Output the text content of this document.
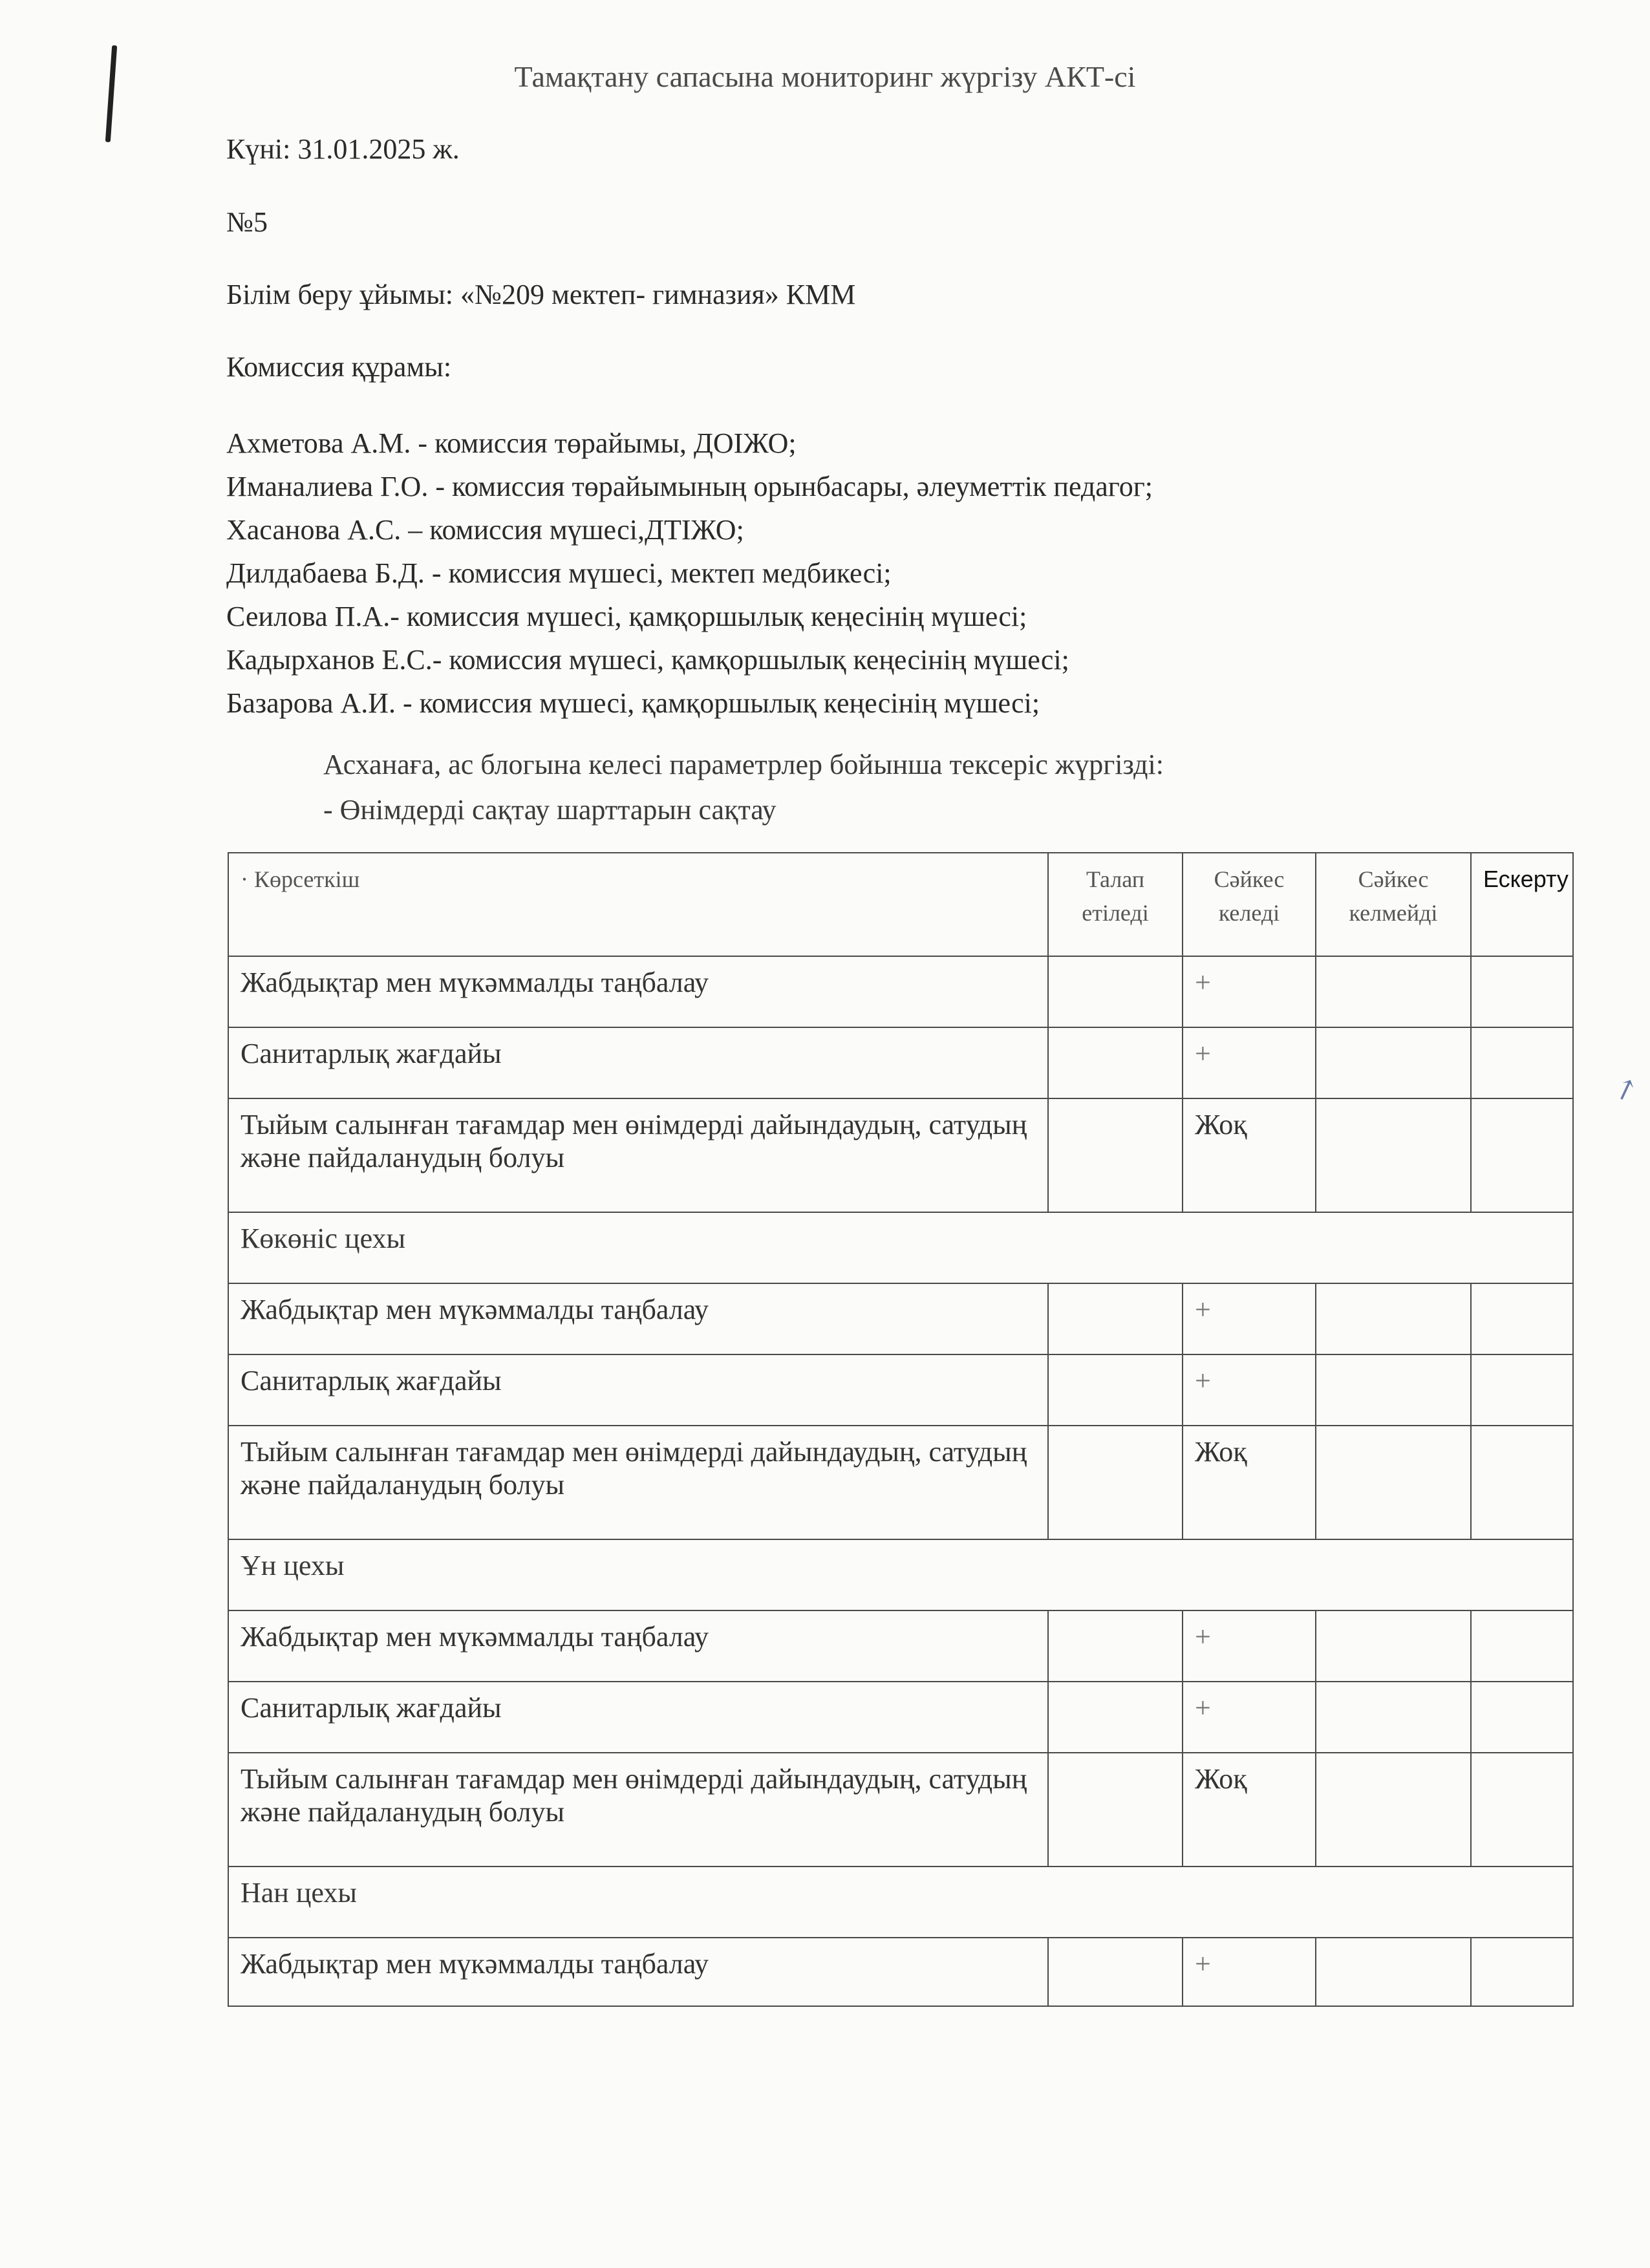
↗
Тамақтану сапасына мониторинг жүргізу АКТ-сі
Күні: 31.01.2025 ж.
№5
Білім беру ұйымы: «№209 мектеп- гимназия» КММ
Комиссия құрамы:
Ахметова А.М. - комиссия төрайымы, ДОІЖО;
Иманалиева Г.О. - комиссия төрайымының орынбасары, әлеуметтік педагог;
Хасанова А.С. – комиссия мүшесі,ДТІЖО;
Дилдабаева Б.Д. - комиссия мүшесі, мектеп медбикесі;
Сеилова П.А.- комиссия мүшесі, қамқоршылық кеңесінің мүшесі;
Кадырханов Е.С.- комиссия мүшесі, қамқоршылық кеңесінің мүшесі;
Базарова А.И. - комиссия мүшесі, қамқоршылық кеңесінің мүшесі;
Асханаға, ас блогына келесі параметрлер бойынша тексеріс жүргізді:
- Өнімдерді сақтау шарттарын сақтау
· Көрсеткіш	Талап етіледі	Сәйкес келеді	Сәйкес келмейді	Ескерту
Жабдықтар мен мүкәммалды таңбалау		+		
Санитарлық жағдайы		+		
Тыйым салынған тағамдар мен өнімдерді дайындаудың, сатудың және пайдаланудың болуы		Жоқ		
Көкөніс цехы				
Жабдықтар мен мүкәммалды таңбалау		+		
Санитарлық жағдайы		+		
Тыйым салынған тағамдар мен өнімдерді дайындаудың, сатудың және пайдаланудың болуы		Жоқ		
Ұн цехы				
Жабдықтар мен мүкәммалды таңбалау		+		
Санитарлық жағдайы		+		
Тыйым салынған тағамдар мен өнімдерді дайындаудың, сатудың және пайдаланудың болуы		Жоқ		
Нан цехы				
Жабдықтар мен мүкәммалды таңбалау		+		
